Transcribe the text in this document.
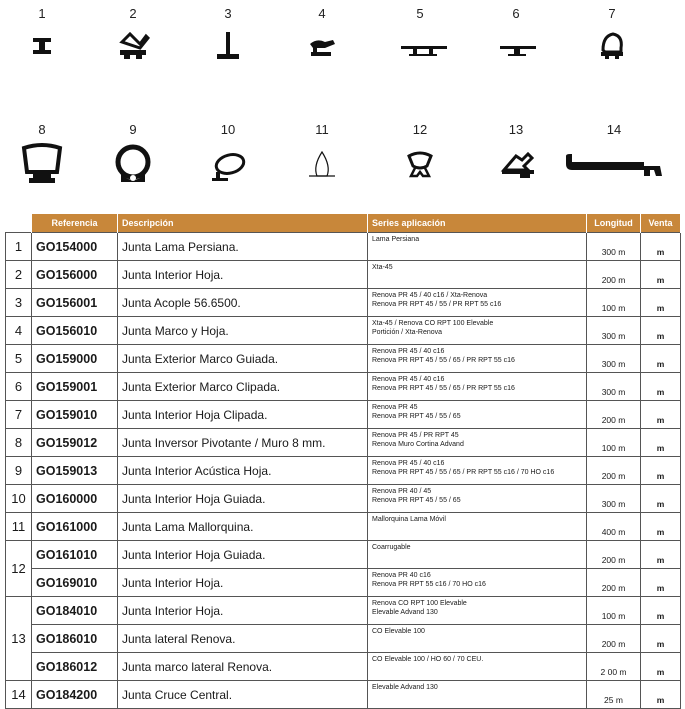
1	2	3	4	5	6	7
8	9	10	11	12	13	14
	Referencia	Descripción	Series aplicación	Longitud	Venta
1	GO154000	Junta Lama Persiana.	Lama Persiana	300 m	m
2	GO156000	Junta Interior Hoja.	Xta-45	200 m	m
3	GO156001	Junta Acople 56.6500.	Renova PR 45 / 40 c16 / Xta-Renova
Renova PR RPT 45 / 55 / PR RPT 55 c16	100 m	m
4	GO156010	Junta Marco y Hoja.	Xta-45 / Renova CO RPT 100 Elevable
Portición / Xta-Renova	300 m	m
5	GO159000	Junta Exterior Marco Guiada.	Renova PR 45 / 40 c16
Renova PR RPT 45 / 55 / 65 / PR RPT 55 c16	300 m	m
6	GO159001	Junta Exterior Marco Clipada.	Renova PR 45 / 40 c16
Renova PR RPT 45 / 55 / 65 / PR RPT 55 c16	300 m	m
7	GO159010	Junta Interior Hoja Clipada.	Renova PR 45
Renova PR RPT 45 / 55 / 65	200 m	m
8	GO159012	Junta Inversor Pivotante / Muro 8 mm.	Renova PR 45 / PR RPT 45
Renova Muro Cortina Advand	100 m	m
9	GO159013	Junta Interior Acústica Hoja.	Renova PR 45 / 40 c16
Renova PR RPT 45 / 55 / 65 / PR RPT 55 c16 / 70 HO c16	200 m	m
10	GO160000	Junta Interior Hoja Guiada.	Renova PR 40 / 45
Renova PR RPT 45 / 55 / 65	300 m	m
11	GO161000	Junta Lama Mallorquina.	Mallorquina Lama Móvil	400 m	m
12	GO161010	Junta Interior Hoja Guiada.	Coarrugable	200 m	m
	GO169010	Junta Interior Hoja.	Renova PR 40 c16
Renova PR RPT 55 c16 / 70 HO c16	200 m	m
13	GO184010	Junta Interior Hoja.	Renova CO RPT 100 Elevable
Elevable Advand 130	100 m	m
	GO186010	Junta lateral Renova.	CO Elevable 100	200 m	m
	GO186012	Junta marco lateral Renova.	CO Elevable 100 / HO 60 / 70 CEU.	2 00 m	m
14	GO184200	Junta Cruce Central.	Elevable Advand 130	25 m	m
